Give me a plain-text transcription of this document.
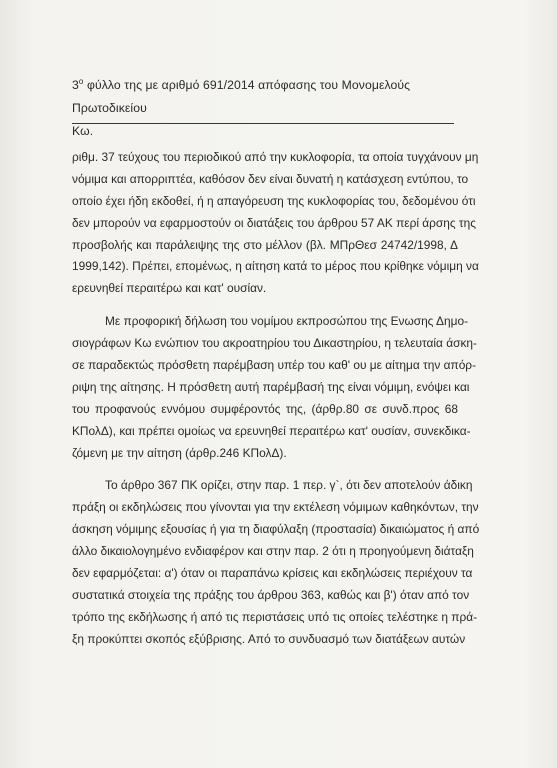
$3^o$ φύλλο της με αριθμό 691/2014 απόφασης του Μονομελούς Πρωτοδικείου
Κω.
ριθμ. 37 τεύχους του περιοδικού από την κυκλοφορία, τα οποία τυγχάνουν μη
νόμιμα και απορριπτέα, καθόσον δεν είναι δυνατή η κατάσχεση εντύπου, το
οποίο έχει ήδη εκδοθεί, ή η απαγόρευση της κυκλοφορίας του, δεδομένου ότι
δεν μπορούν να εφαρμοστούν οι διατάξεις του άρθρου 57 ΑΚ περί άρσης της
προσβολής και παράλειψης της στο μέλλον (βλ. ΜΠρΘεσ 24742/1998, Δ
1999,142). Πρέπει, επομένως, η αίτηση κατά το μέρος που κρίθηκε νόμιμη να
ερευνηθεί περαιτέρω και κατ' ουσίαν.
Με προφορική δήλωση του νομίμου εκπροσώπου της Ενωσης Δημο-
σιογράφων Κω ενώπιον του ακροατηρίου του Δικαστηρίου, η τελευταία άσκη-
σε παραδεκτώς πρόσθετη παρέμβαση υπέρ του καθ' ου με αίτημα την απόρ-
ριψη της αίτησης. Η πρόσθετη αυτή παρέμβασή της είναι νόμιμη, ενόψει και
του προφανούς εννόμου συμφέροντός της, (άρθρ.80 σε συνδ.προς 68
ΚΠολΔ), και πρέπει ομοίως να ερευνηθεί περαιτέρω κατ' ουσίαν, συνεκδικα-
ζόμενη με την αίτηση (άρθρ.246 ΚΠολΔ).
Το άρθρο 367 ΠΚ ορίζει, στην παρ. 1 περ. γ`, ότι δεν αποτελούν άδικη
πράξη οι εκδηλώσεις που γίνονται για την εκτέλεση νόμιμων καθηκόντων, την
άσκηση νόμιμης εξουσίας ή για τη διαφύλαξη (προστασία) δικαιώματος ή από
άλλο δικαιολογημένο ενδιαφέρον και στην παρ. 2 ότι η προηγούμενη διάταξη
δεν εφαρμόζεται: α') όταν οι παραπάνω κρίσεις και εκδηλώσεις περιέχουν τα
συστατικά στοιχεία της πράξης του άρθρου 363, καθώς και β') όταν από τον
τρόπο της εκδήλωσης ή από τις περιστάσεις υπό τις οποίες τελέστηκε η πρά-
ξη προκύπτει σκοπός εξύβρισης. Από το συνδυασμό των διατάξεων αυτών
